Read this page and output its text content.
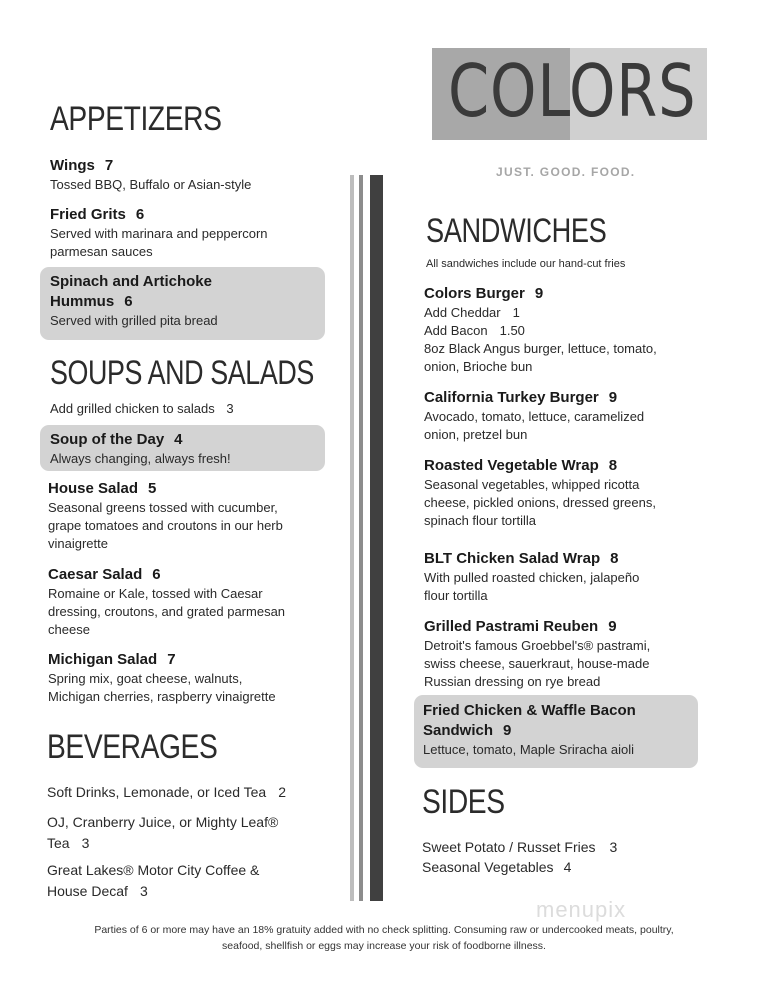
COLORS
JUST. GOOD. FOOD.
APPETIZERS
Wings 7
Tossed BBQ, Buffalo or Asian-style
Fried Grits 6
Served with marinara and peppercorn
parmesan sauces
Spinach and Artichoke
Hummus 6
Served with grilled pita bread
SOUPS AND SALADS
Add grilled chicken to salads 3
Soup of the Day 4
Always changing, always fresh!
House Salad 5
Seasonal greens tossed with cucumber,
grape tomatoes and croutons in our herb
vinaigrette
Caesar Salad 6
Romaine or Kale, tossed with Caesar
dressing, croutons, and grated parmesan
cheese
Michigan Salad 7
Spring mix, goat cheese, walnuts,
Michigan cherries, raspberry vinaigrette
BEVERAGES
Soft Drinks, Lemonade, or Iced Tea 2
OJ, Cranberry Juice, or Mighty Leaf®
Tea 3
Great Lakes® Motor City Coffee &
House Decaf 3
SANDWICHES
All sandwiches include our hand-cut fries
Colors Burger 9
Add Cheddar 1
Add Bacon 1.50
8oz Black Angus burger, lettuce, tomato,
onion, Brioche bun
California Turkey Burger 9
Avocado, tomato, lettuce, caramelized
onion, pretzel bun
Roasted Vegetable Wrap 8
Seasonal vegetables, whipped ricotta
cheese, pickled onions, dressed greens,
spinach flour tortilla
BLT Chicken Salad Wrap 8
With pulled roasted chicken, jalapeño
flour tortilla
Grilled Pastrami Reuben 9
Detroit's famous Groebbel's® pastrami,
swiss cheese, sauerkraut, house-made
Russian dressing on rye bread
Fried Chicken & Waffle Bacon
Sandwich 9
Lettuce, tomato, Maple Sriracha aioli
SIDES
Sweet Potato / Russet Fries 3
Seasonal Vegetables 4
menupix
Parties of 6 or more may have an 18% gratuity added with no check splitting. Consuming raw or undercooked meats, poultry,
seafood, shellfish or eggs may increase your risk of foodborne illness.
